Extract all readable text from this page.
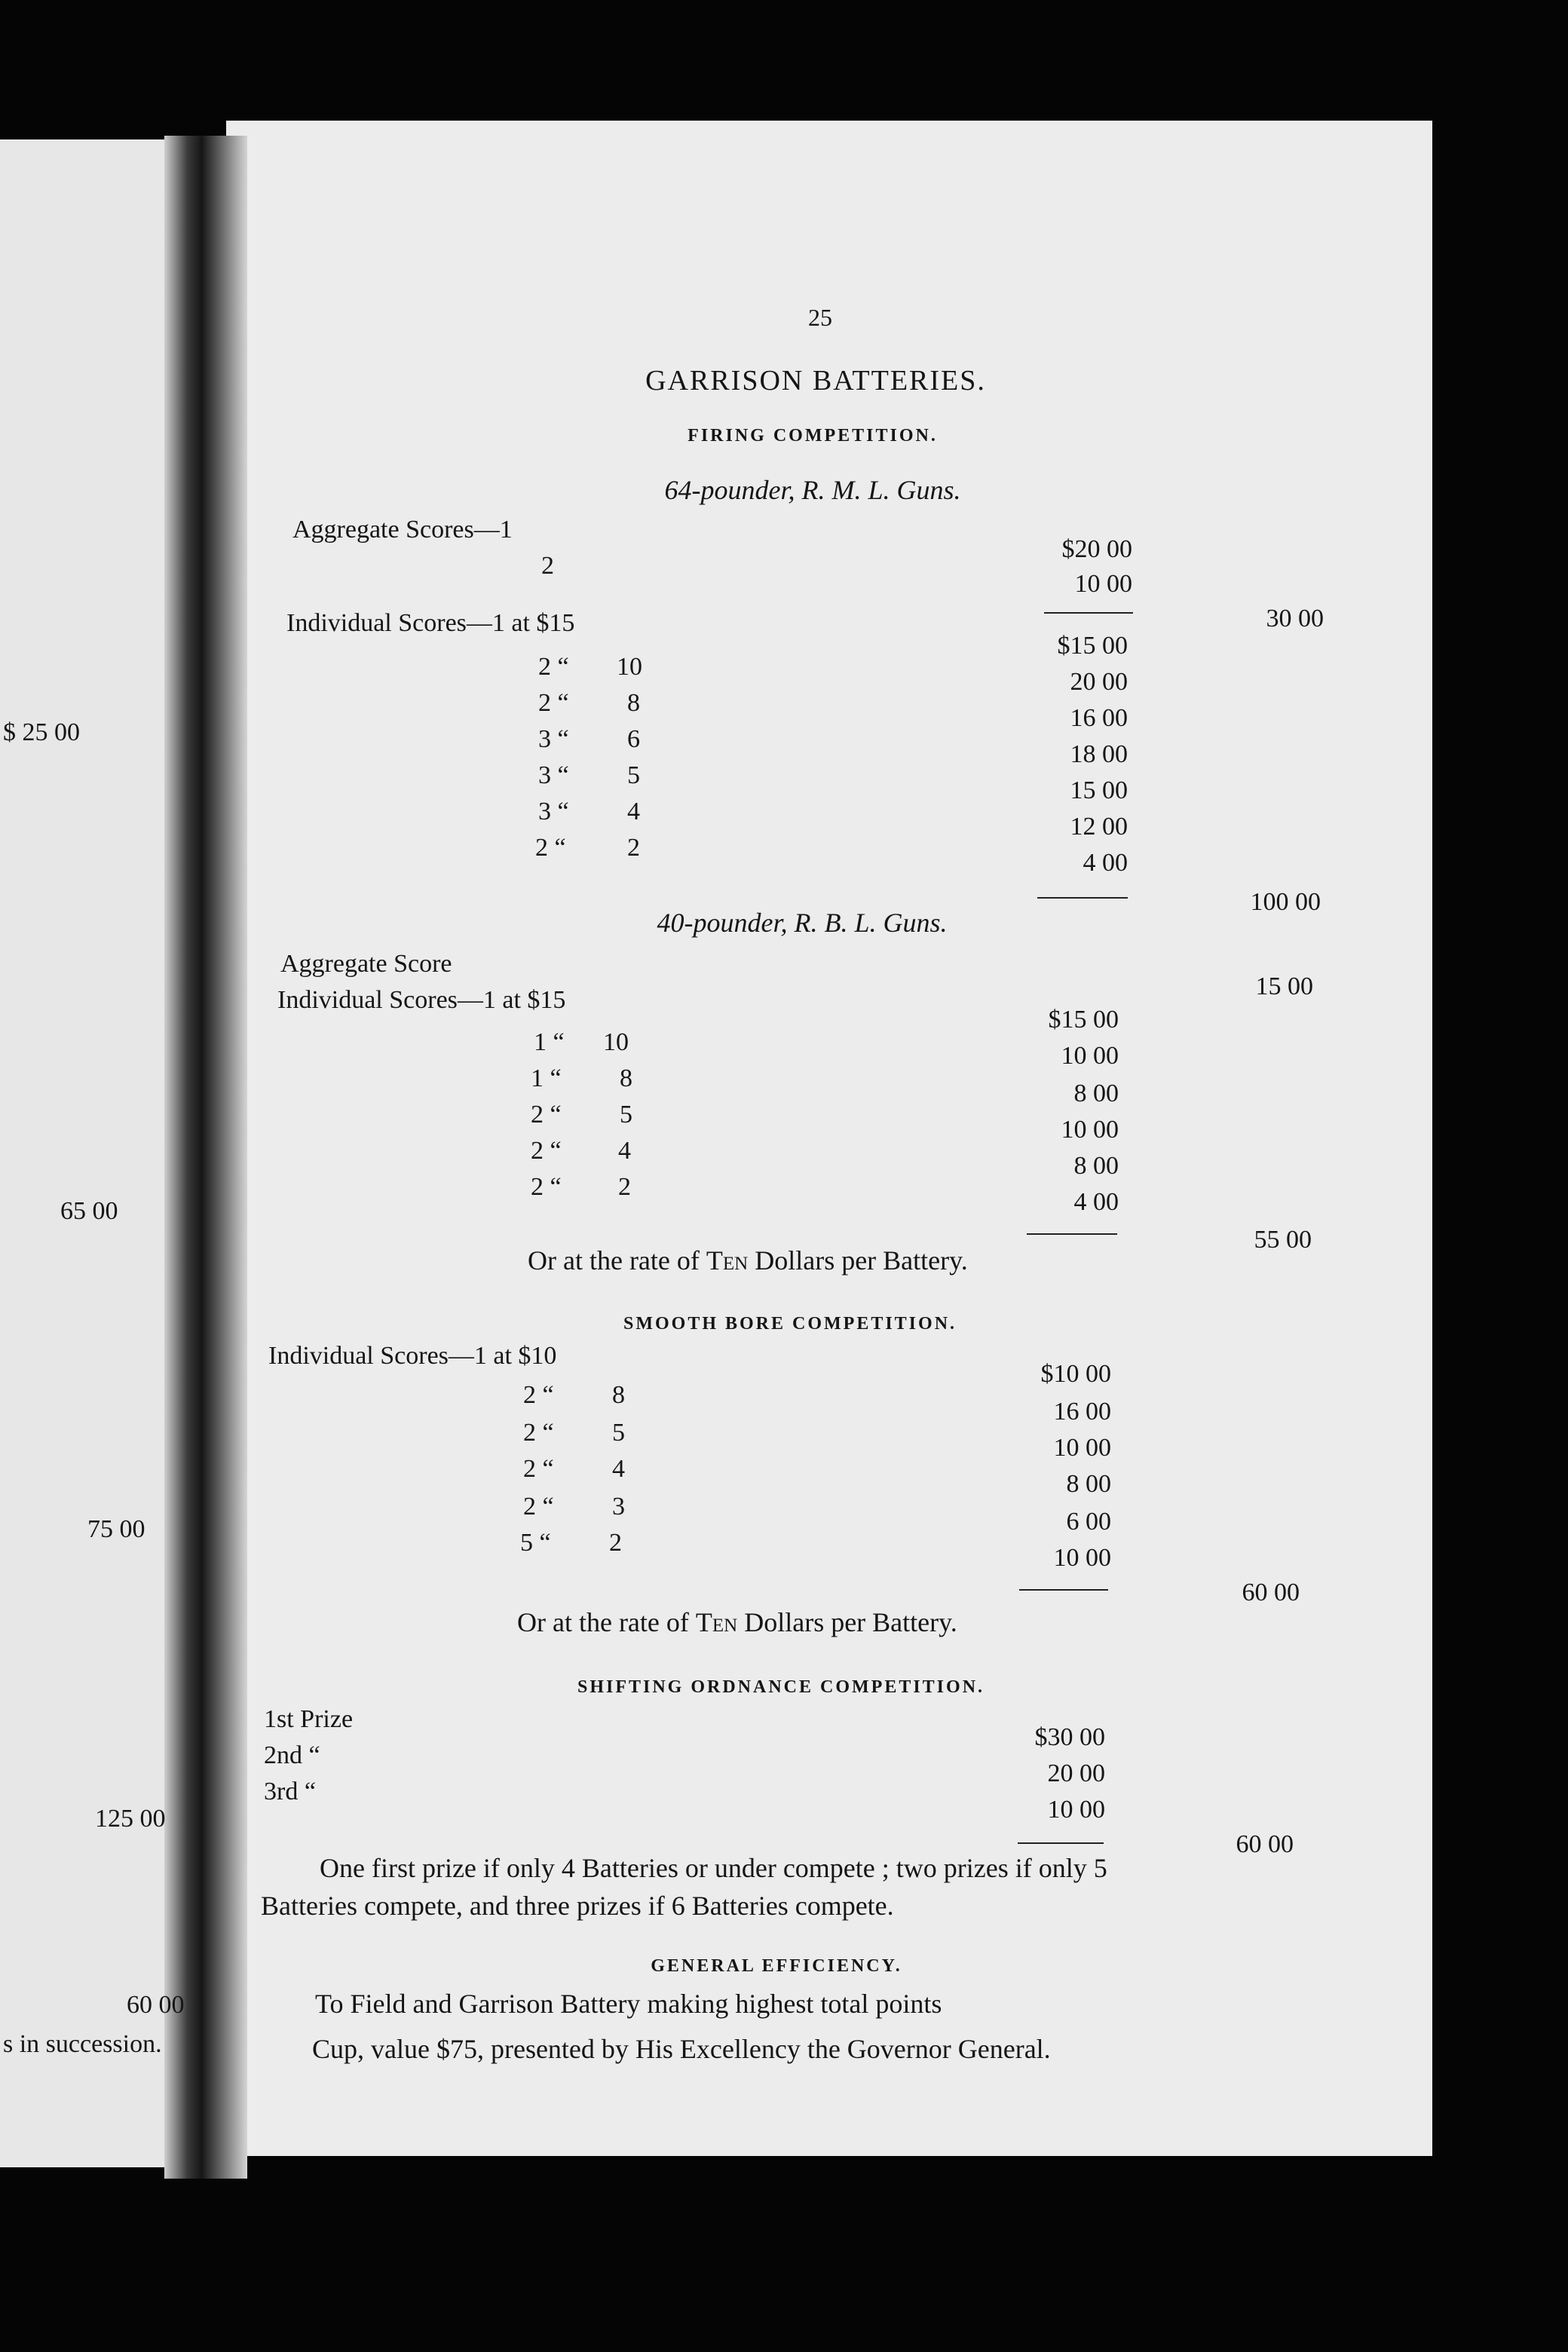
$ 25 00
65 00
75 00
125 00
60 00
s in succession.
25
GARRISON BATTERIES.
FIRING COMPETITION.
64-pounder, R. M. L. Guns.
Aggregate Scores—1
$20 00
2
10 00
30 00
Individual Scores—1 at $15
$15 00
2 “ 10
20 00
2 “ 8
16 00
3 “ 6
18 00
3 “ 5
15 00
3 “ 4
12 00
2 “ 2
4 00
100 00
40-pounder, R. B. L. Guns.
Aggregate Score
15 00
Individual Scores—1 at $15
$15 00
1 “ 10	10 00
1 “ 8
8 00
2 “ 5
10 00
2 “ 4
8 00
2 “ 2
4 00
55 00
Or at the rate of Ten Dollars per Battery.
SMOOTH BORE COMPETITION.
Individual Scores—1 at $10
$10 00
2 “ 8
16 00
2 “ 5
10 00
2 “ 4
8 00
2 “ 3
6 00
5 “ 2
10 00
60 00
Or at the rate of Ten Dollars per Battery.
SHIFTING ORDNANCE COMPETITION.
1st Prize
$30 00
2nd “
20 00
3rd “
10 00
60 00
One first prize if only 4 Batteries or under compete ; two prizes if only 5
Batteries compete, and three prizes if 6 Batteries compete.
GENERAL EFFICIENCY.
To Field and Garrison Battery making highest total points
Cup, value $75, presented by His Excellency the Governor General.
